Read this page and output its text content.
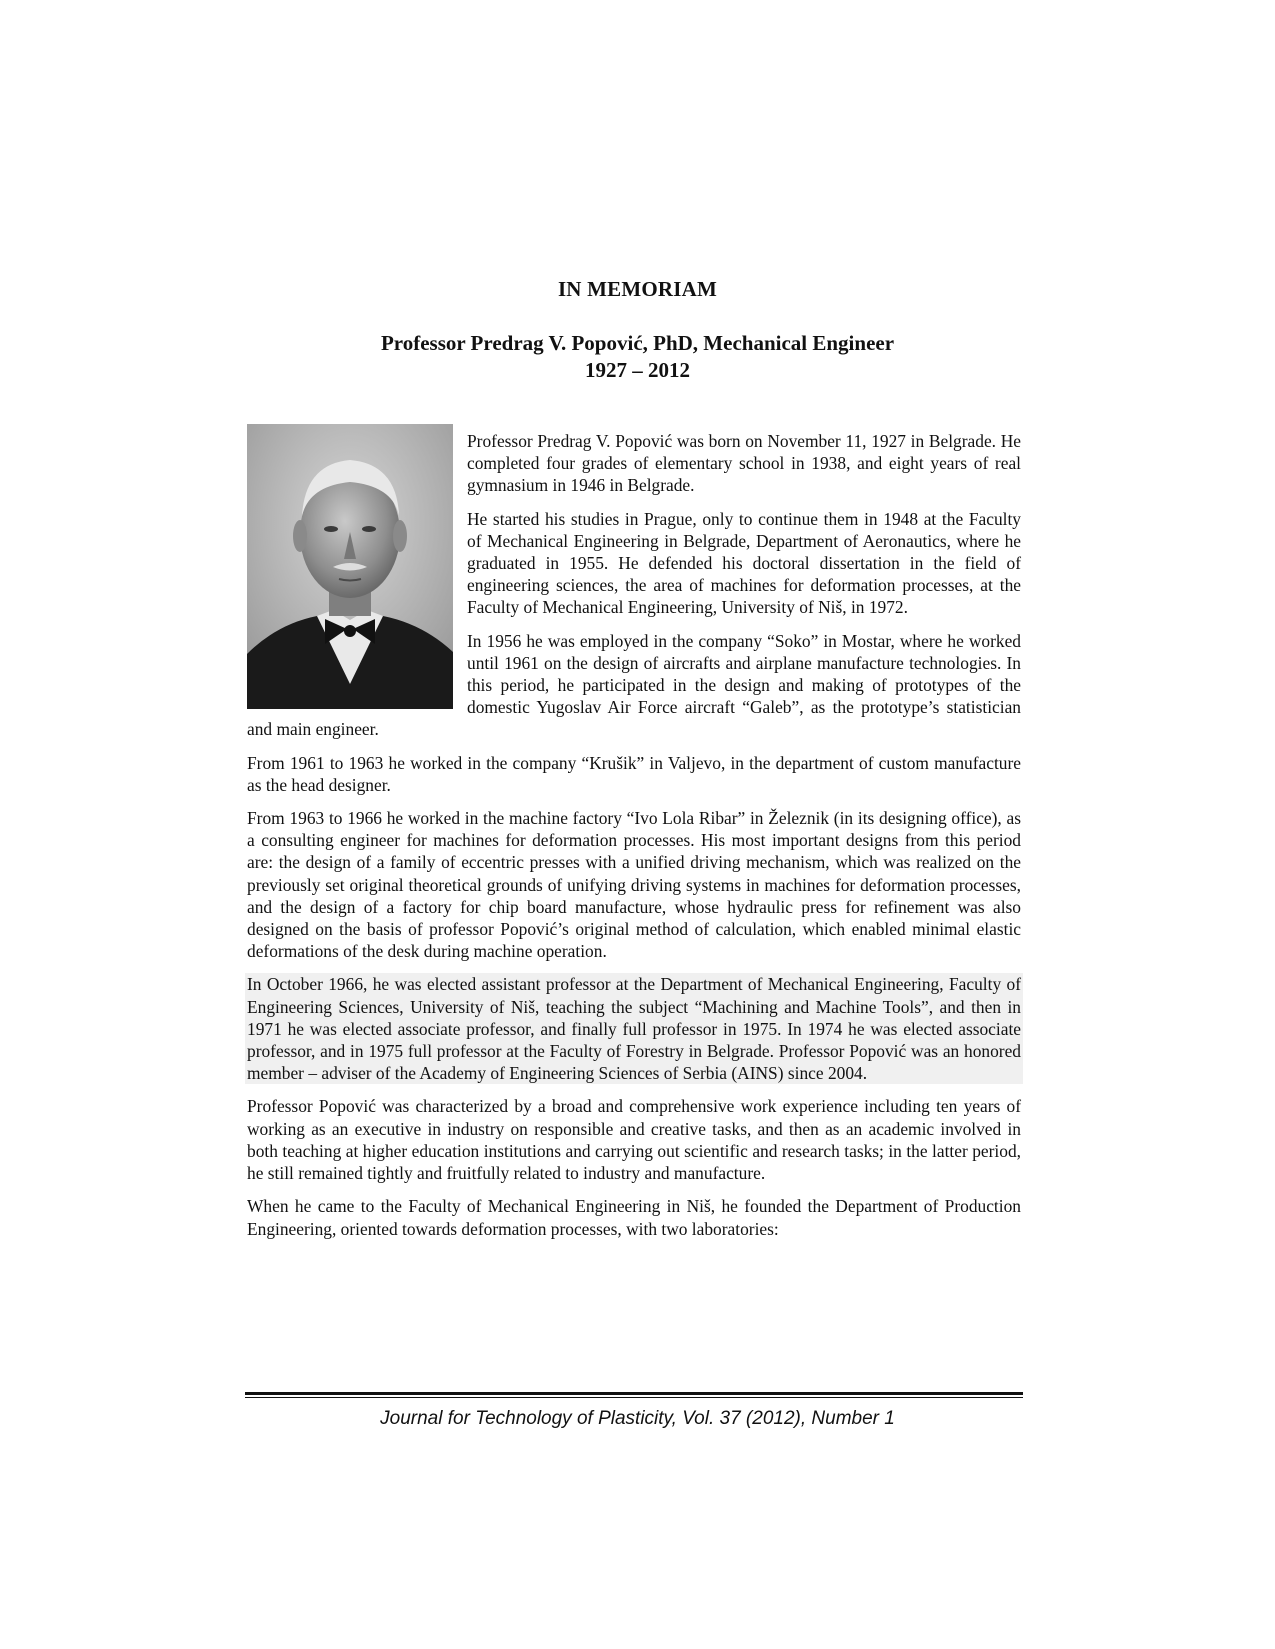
IN MEMORIAM
Professor Predrag V. Popović, PhD, Mechanical Engineer
1927 – 2012

Professor Predrag V. Popović was born on November 11, 1927 in Belgrade. He completed four grades of elementary school in 1938, and eight years of real gymnasium in 1946 in Belgrade.

He started his studies in Prague, only to continue them in 1948 at the Faculty of Mechanical Engineering in Belgrade, Department of Aeronautics, where he graduated in 1955. He defended his doctoral dissertation in the field of engineering sciences, the area of machines for deformation processes, at the Faculty of Mechanical Engineering, University of Niš, in 1972.

In 1956 he was employed in the company “Soko” in Mostar, where he worked until 1961 on the design of aircrafts and airplane manufacture technologies. In this period, he participated in the design and making of prototypes of the domestic Yugoslav Air Force aircraft “Galeb”, as the prototype’s statistician and main engineer.

From 1961 to 1963 he worked in the company “Krušik” in Valjevo, in the department of custom manufacture as the head designer.

From 1963 to 1966 he worked in the machine factory “Ivo Lola Ribar” in Železnik (in its designing office), as a consulting engineer for machines for deformation processes. His most important designs from this period are: the design of a family of eccentric presses with a unified driving mechanism, which was realized on the previously set original theoretical grounds of unifying driving systems in machines for deformation processes, and the design of a factory for chip board manufacture, whose hydraulic press for refinement was also designed on the basis of professor Popović’s original method of calculation, which enabled minimal elastic deformations of the desk during machine operation.

In October 1966, he was elected assistant professor at the Department of Mechanical Engineering, Faculty of Engineering Sciences, University of Niš, teaching the subject “Machining and Machine Tools”, and then in 1971 he was elected associate professor, and finally full professor in 1975. In 1974 he was elected associate professor, and in 1975 full professor at the Faculty of Forestry in Belgrade. Professor Popović was an honored member – adviser of the Academy of Engineering Sciences of Serbia (AINS) since 2004.

Professor Popović was characterized by a broad and comprehensive work experience including ten years of working as an executive in industry on responsible and creative tasks, and then as an academic involved in both teaching at higher education institutions and carrying out scientific and research tasks; in the latter period, he still remained tightly and fruitfully related to industry and manufacture.

When he came to the Faculty of Mechanical Engineering in Niš, he founded the Department of Production Engineering, oriented towards deformation processes, with two laboratories:

Journal for Technology of Plasticity, Vol. 37 (2012), Number 1
